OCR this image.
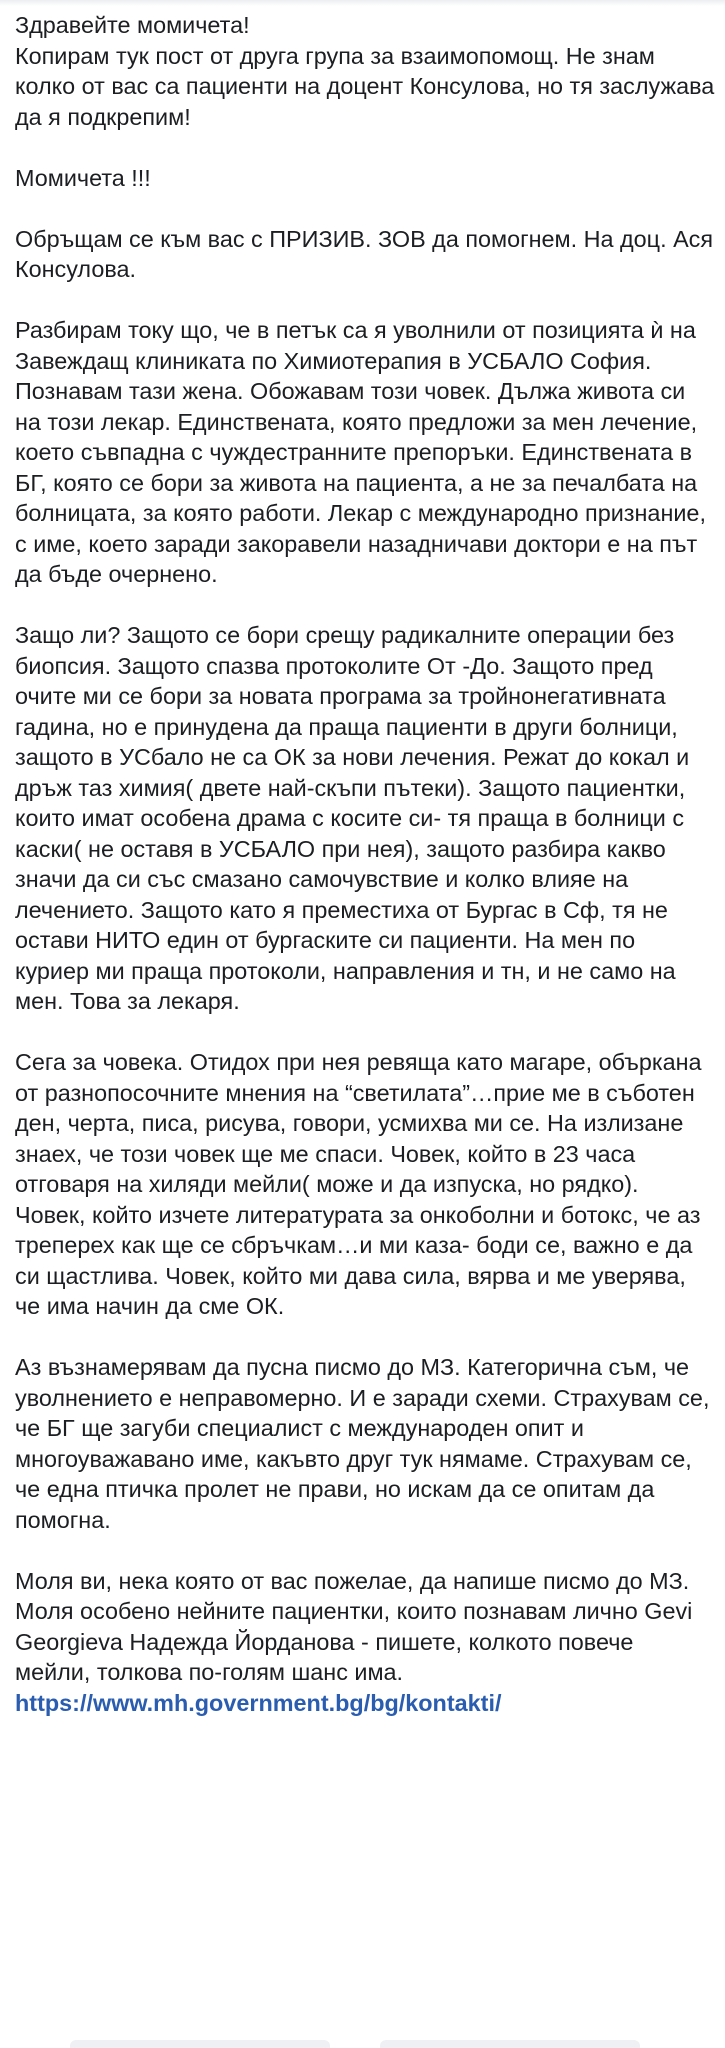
Здравейте момичета!
Копирам тук пост от друга група за взаимопомощ. Не знам колко от вас са пациенти на доцент Консулова, но тя заслужава да я подкрепим!

Момичета !!!

Обръщам се към вас с ПРИЗИВ. ЗОВ да помогнем. На доц. Ася Консулова.

Разбирам току що, че в петък са я уволнили от позицията ѝ на Завеждащ клиниката по Химиотерапия в УСБАЛО София. Познавам тази жена. Обожавам този човек. Дължа живота си на този лекар. Единствената, която предложи за мен лечение, което съвпадна с чуждестранните препоръки. Единствената в БГ, която се бори за живота на пациента, а не за печалбата на болницата, за която работи. Лекар с международно признание, с име, което заради закоравели назадничави доктори е на път да бъде очернено.

Защо ли? Защото се бори срещу радикалните операции без биопсия. Защото спазва протоколите От -До. Защото пред очите ми се бори за новата програма за тройнонегативната гадина, но е принудена да праща пациенти в други болници, защото в УСбало не са ОК за нови лечения. Режат до кокал и дръж таз химия( двете най-скъпи пътеки). Защото пациентки, които имат особена драма с косите си- тя праща в болници с каски( не оставя в УСБАЛО при нея), защото разбира какво значи да си със смазано самочувствие и колко влияе на лечението. Защото като я преместиха от Бургас в Сф, тя не остави НИТО един от бургаските си пациенти. На мен по куриер ми праща протоколи, направления и тн, и не само на мен. Това за лекаря.

Сега за човека. Отидох при нея ревяща като магаре, объркана от разнопосочните мнения на “светилата”…прие ме в съботен ден, черта, писа, рисува, говори, усмихва ми се. На излизане знаех, че този човек ще ме спаси. Човек, който в 23 часа отговаря на хиляди мейли( може и да изпуска, но рядко). Човек, който изчете литературата за онкоболни и ботокс, че аз треперех как ще се сбръчкам…и ми каза- боди се, важно е да си щастлива. Човек, който ми дава сила, вярва и ме уверява, че има начин да сме ОК.

Аз възнамерявам да пусна писмо до МЗ. Категорична съм, че уволнението е неправомерно. И е заради схеми. Страхувам се, че БГ ще загуби специалист с международен опит и многоуважавано име, какъвто друг тук нямаме. Страхувам се, че една птичка пролет не прави, но искам да се опитам да помогна.

Моля ви, нека която от вас пожелае, да напише писмо до МЗ. Моля особено нейните пациентки, които познавам лично Gevi Georgieva Надежда Йорданова - пишете, колкото повече мейли, толкова по-голям шанс има.

https://www.mh.government.bg/bg/kontakti/
